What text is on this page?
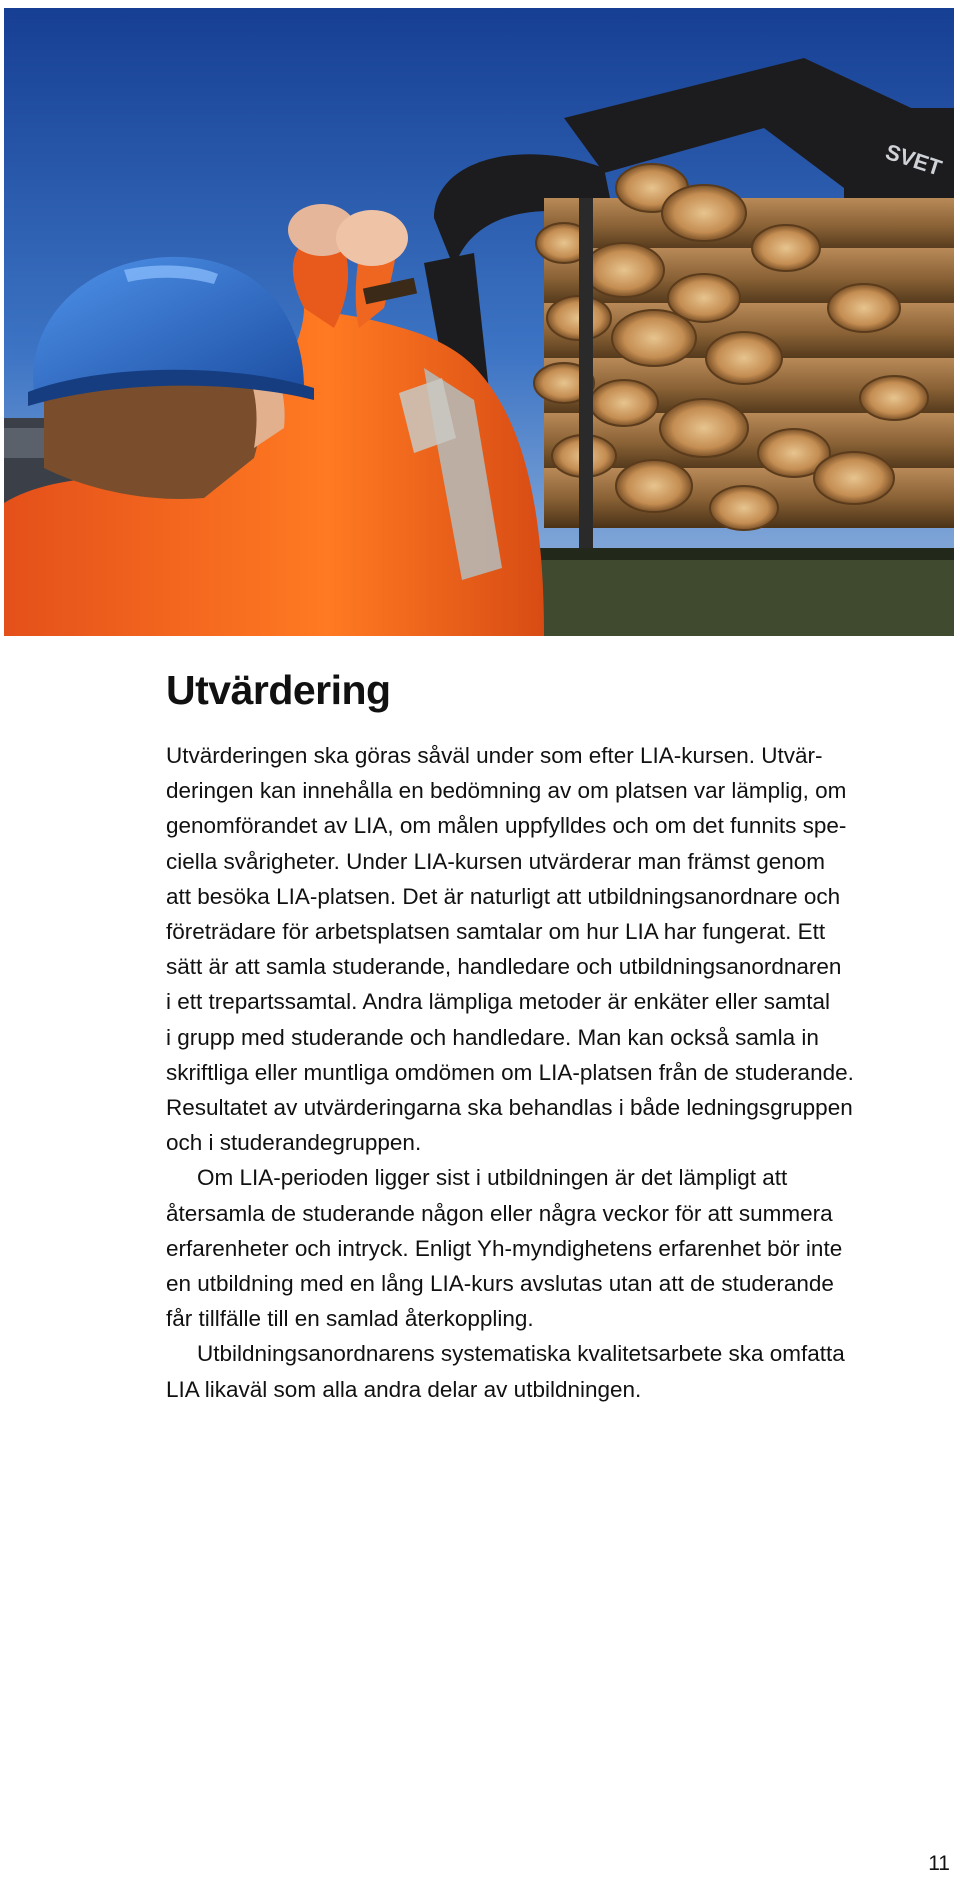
SVET
Utvärdering
Utvärderingen ska göras såväl under som efter LIA-kursen. Utvär-
deringen kan innehålla en bedömning av om platsen var lämplig, om
genomförandet av LIA, om målen uppfylldes och om det funnits spe-
ciella svårigheter. Under LIA-kursen utvärderar man främst genom
att besöka LIA-platsen. Det är naturligt att utbildningsanordnare och
företrädare för arbetsplatsen samtalar om hur LIA har fungerat. Ett
sätt är att samla studerande, handledare och utbildningsanordnaren
i ett trepartssamtal. Andra lämpliga metoder är enkäter eller samtal
i grupp med studerande och handledare. Man kan också samla in
skriftliga eller muntliga omdömen om LIA-platsen från de studerande.
Resultatet av utvärderingarna ska behandlas i både ledningsgruppen
och i studerandegruppen.
Om LIA-perioden ligger sist i utbildningen är det lämpligt att
återsamla de studerande någon eller några veckor för att summera
erfarenheter och intryck. Enligt Yh-myndighetens erfarenhet bör inte
en utbildning med en lång LIA-kurs avslutas utan att de studerande
får tillfälle till en samlad återkoppling.
Utbildningsanordnarens systematiska kvalitetsarbete ska omfatta
LIA likaväl som alla andra delar av utbildningen.
11
